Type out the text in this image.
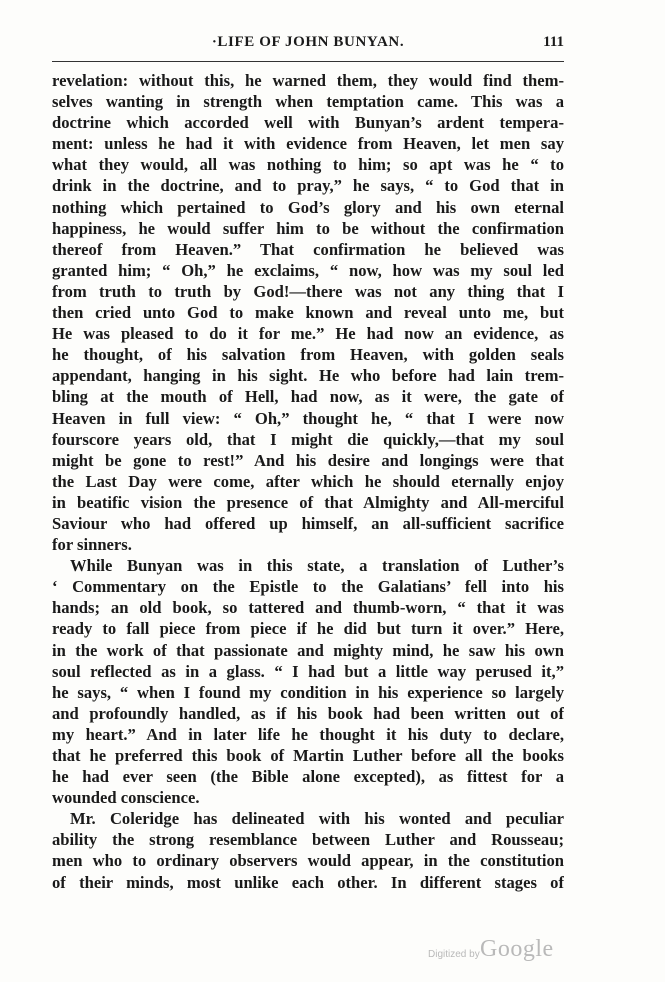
·LIFE OF JOHN BUNYAN.	111
revelation: without this, he warned them, they would find them-
selves wanting in strength when temptation came. This was a
doctrine which accorded well with Bunyan’s ardent tempera-
ment: unless he had it with evidence from Heaven, let men say
what they would, all was nothing to him; so apt was he “ to
drink in the doctrine, and to pray,” he says, “ to God that in
nothing which pertained to God’s glory and his own eternal
happiness, he would suffer him to be without the confirmation
thereof from Heaven.” That confirmation he believed was
granted him; “ Oh,” he exclaims, “ now, how was my soul led
from truth to truth by God!—there was not any thing that I
then cried unto God to make known and reveal unto me, but
He was pleased to do it for me.” He had now an evidence, as
he thought, of his salvation from Heaven, with golden seals
appendant, hanging in his sight. He who before had lain trem-
bling at the mouth of Hell, had now, as it were, the gate of
Heaven in full view: “ Oh,” thought he, “ that I were now
fourscore years old, that I might die quickly,—that my soul
might be gone to rest!” And his desire and longings were that
the Last Day were come, after which he should eternally enjoy
in beatific vision the presence of that Almighty and All-merciful
Saviour who had offered up himself, an all-sufficient sacrifice
for sinners.
While Bunyan was in this state, a translation of Luther’s
‘ Commentary on the Epistle to the Galatians’ fell into his
hands; an old book, so tattered and thumb-worn, “ that it was
ready to fall piece from piece if he did but turn it over.” Here,
in the work of that passionate and mighty mind, he saw his own
soul reflected as in a glass. “ I had but a little way perused it,”
he says, “ when I found my condition in his experience so largely
and profoundly handled, as if his book had been written out of
my heart.” And in later life he thought it his duty to declare,
that he preferred this book of Martin Luther before all the books
he had ever seen (the Bible alone excepted), as fittest for a
wounded conscience.
Mr. Coleridge has delineated with his wonted and peculiar
ability the strong resemblance between Luther and Rousseau;
men who to ordinary observers would appear, in the constitution
of their minds, most unlike each other. In different stages of
Digitized by Google
